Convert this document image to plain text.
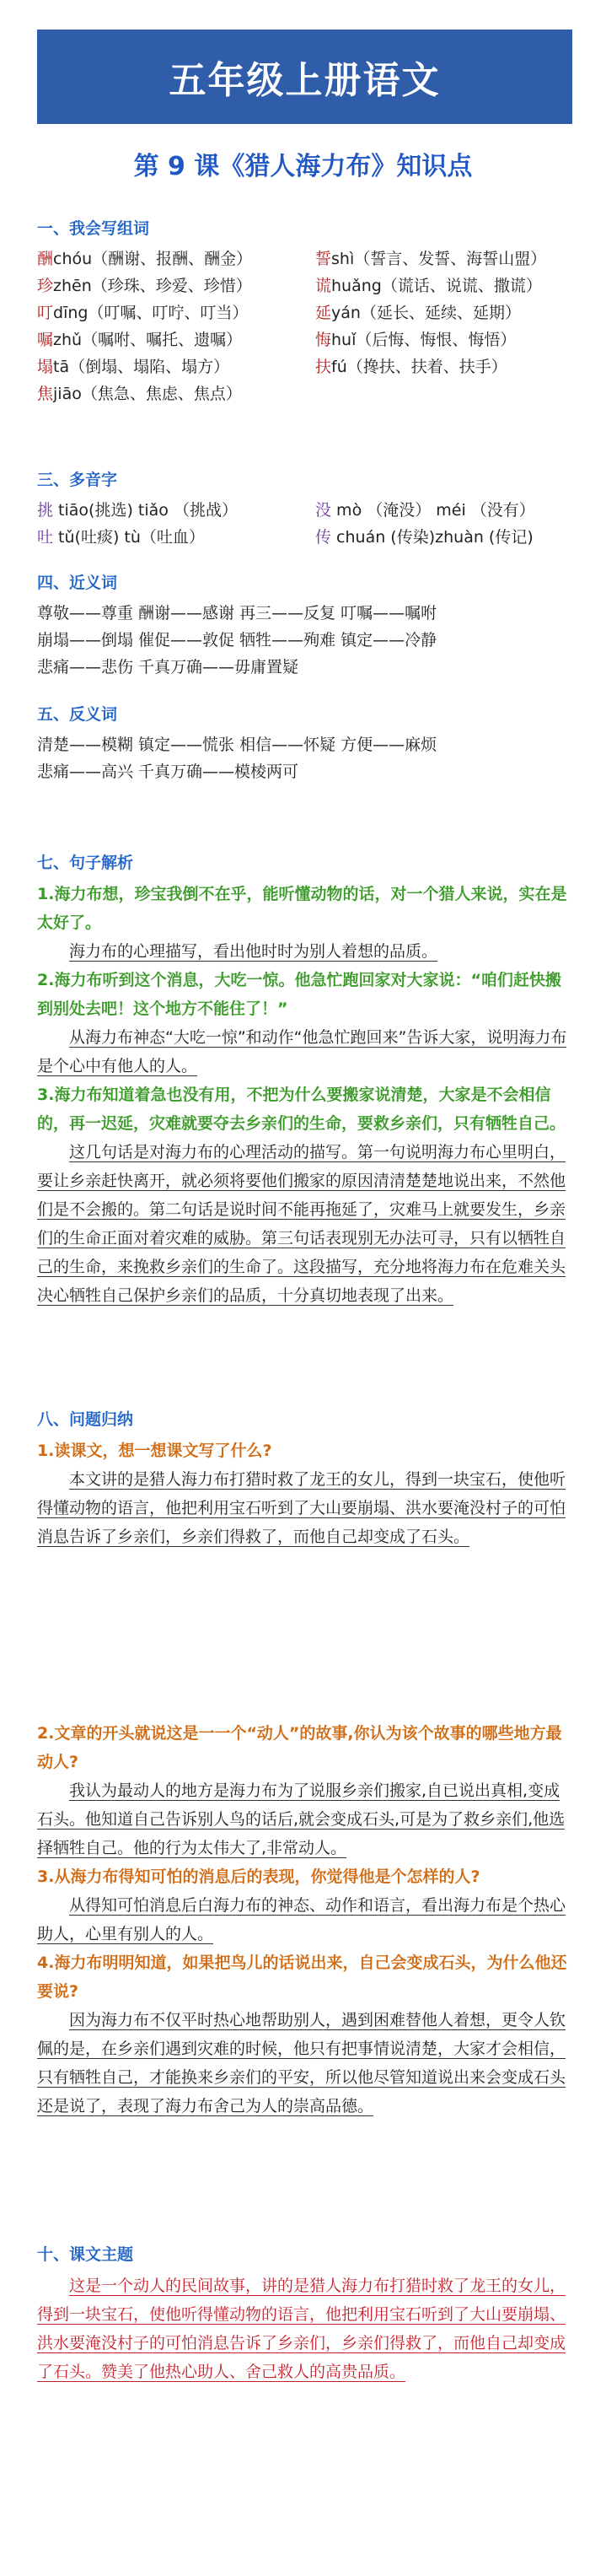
五年级上册语文
第 9 课《猎人海力布》知识点
一、我会写组词
酬 chóu（酬谢、报酬、酬金）
珍 zhēn（珍珠、珍爱、珍惜）
叮 dīng（叮嘱、叮咛、叮当）
嘱 zhǔ（嘱咐、嘱托、遗嘱）
塌 tā（倒塌、塌陷、塌方）
焦 jiāo（焦急、焦虑、焦点）
誓 shì（誓言、发誓、海誓山盟）
谎 huǎng（谎话、说谎、撒谎）
延 yán（延长、延续、延期）
悔 huǐ（后悔、悔恨、悔悟）
扶 fú（搀扶、扶着、扶手）
三、多音字
挑 tiāo(挑选) tiǎo （挑战）	没 mò （淹没） méi （没有）
吐 tǔ(吐痰) tù（吐血）	传 chuán (传染)zhuàn (传记)
四、近义词
尊敬——尊重 酬谢——感谢 再三——反复 叮嘱——嘱咐
崩塌——倒塌 催促——敦促 牺牲——殉难 镇定——冷静
悲痛——悲伤 千真万确——毋庸置疑
五、反义词
清楚——模糊 镇定——慌张 相信——怀疑 方便——麻烦
悲痛——高兴 千真万确——模棱两可
七、句子解析
1.海力布想，珍宝我倒不在乎，能听懂动物的话，对一个猎人来说，实在是太好了。

海力布的心理描写，看出他时时为别人着想的品质。

2.海力布听到这个消息，大吃一惊。他急忙跑回家对大家说：“咱们赶快搬到别处去吧！这个地方不能住了！”

从海力布神态“大吃一惊”和动作“他急忙跑回来”告诉大家，说明海力布是个心中有他人的人。

3.海力布知道着急也没有用，不把为什么要搬家说清楚，大家是不会相信的，再一迟延，灾难就要夺去乡亲们的生命，要救乡亲们，只有牺牲自己。

这几句话是对海力布的心理活动的描写。第一句说明海力布心里明白，要让乡亲赶快离开，就必须将要他们搬家的原因清清楚楚地说出来，不然他们是不会搬的。第二句话是说时间不能再拖延了，灾难马上就要发生，乡亲们的生命正面对着灾难的威胁。第三句话表现别无办法可寻，只有以牺牲自己的生命，来挽救乡亲们的生命了。这段描写，充分地将海力布在危难关头决心牺牲自己保护乡亲们的品质，十分真切地表现了出来。

八、问题归纳
1.读课文，想一想课文写了什么?

本文讲的是猎人海力布打猎时救了龙王的女儿，得到一块宝石，使他听得懂动物的语言，他把利用宝石听到了大山要崩塌、洪水要淹没村子的可怕消息告诉了乡亲们，乡亲们得救了，而他自己却变成了石头。

2.文章的开头就说这是一一个“动人”的故事,你认为该个故事的哪些地方最动人?

我认为最动人的地方是海力布为了说服乡亲们搬家,自已说出真相,变成石头。他知道自己告诉别人鸟的话后,就会变成石头,可是为了救乡亲们,他选择牺牲自己。他的行为太伟大了,非常动人。

3.从海力布得知可怕的消息后的表现，你觉得他是个怎样的人?

从得知可怕消息后白海力布的神态、动作和语言，看出海力布是个热心助人，心里有别人的人。

4.海力布明明知道，如果把鸟儿的话说出来，自己会变成石头，为什么他还要说?

因为海力布不仅平时热心地帮助别人，遇到困难替他人着想，更令人钦佩的是，在乡亲们遇到灾难的时候，他只有把事情说清楚，大家才会相信，只有牺牲自己，才能换来乡亲们的平安，所以他尽管知道说出来会变成石头还是说了，表现了海力布舍己为人的崇高品德。

十、课文主题

这是一个动人的民间故事，讲的是猎人海力布打猎时救了龙王的女儿，得到一块宝石，使他听得懂动物的语言，他把利用宝石听到了大山要崩塌、洪水要淹没村子的可怕消息告诉了乡亲们，乡亲们得救了，而他自己却变成了石头。赞美了他热心助人、舍己救人的高贵品质。
